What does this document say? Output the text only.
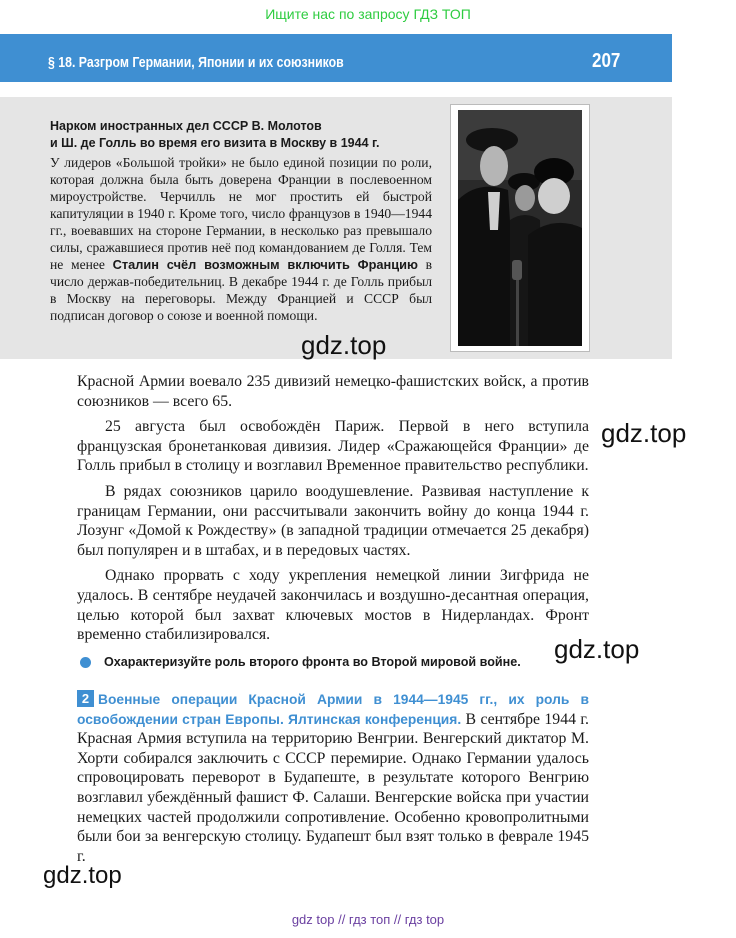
Ищите нас по запросу ГДЗ ТОП
§ 18. Разгром Германии, Японии и их союзников	207
Нарком иностранных дел СССР В. Молотов
и Ш. де Голль во время его визита в Москву в 1944 г.
У лидеров «Большой тройки» не было единой позиции по роли, которая должна была быть доверена Франции в послевоенном мироустройстве. Черчилль не мог простить ей быстрой капитуляции в 1940 г. Кроме того, число французов в 1940—1944 гг., воевавших на стороне Германии, в несколько раз превышало силы, сражавшиеся против неё под командованием де Голля. Тем не менее Сталин счёл возможным включить Францию в число держав-победительниц. В декабре 1944 г. де Голль прибыл в Москву на переговоры. Между Францией и СССР был подписан договор о союзе и военной помощи.
gdz.top
gdz.top
gdz.top
gdz.top

Красной Армии воевало 235 дивизий немецко-фашистских войск, а против союзников — всего 65.

25 августа был освобождён Париж. Первой в него вступила французская бронетанковая дивизия. Лидер «Сражающейся Франции» де Голль прибыл в столицу и возглавил Временное правительство республики.

В рядах союзников царило воодушевление. Развивая наступление к границам Германии, они рассчитывали закончить войну до конца 1944 г. Лозунг «Домой к Рождеству» (в западной традиции отмечается 25 декабря) был популярен и в штабах, и в передовых частях.

Однако прорвать с ходу укрепления немецкой линии Зигфрида не удалось. В сентябре неудачей закончилась и воздушно-десантная операция, целью которой был захват ключевых мостов в Нидерландах. Фронт временно стабилизировался.

Охарактеризуйте роль второго фронта во Второй мировой войне.
2 Военные операции Красной Армии в 1944—1945 гг., их роль в освобождении стран Европы. Ялтинская конференция. В сентябре 1944 г. Красная Армия вступила на территорию Венгрии. Венгерский диктатор М. Хорти собирался заключить с СССР перемирие. Однако Германии удалось спровоцировать переворот в Будапеште, в результате которого Венгрию возглавил убеждённый фашист Ф. Салаши. Венгерские войска при участии немецких частей продолжили сопротивление. Особенно кровопролитными были бои за венгерскую столицу. Будапешт был взят только в феврале 1945 г.
gdz top // гдз топ // гдз top
